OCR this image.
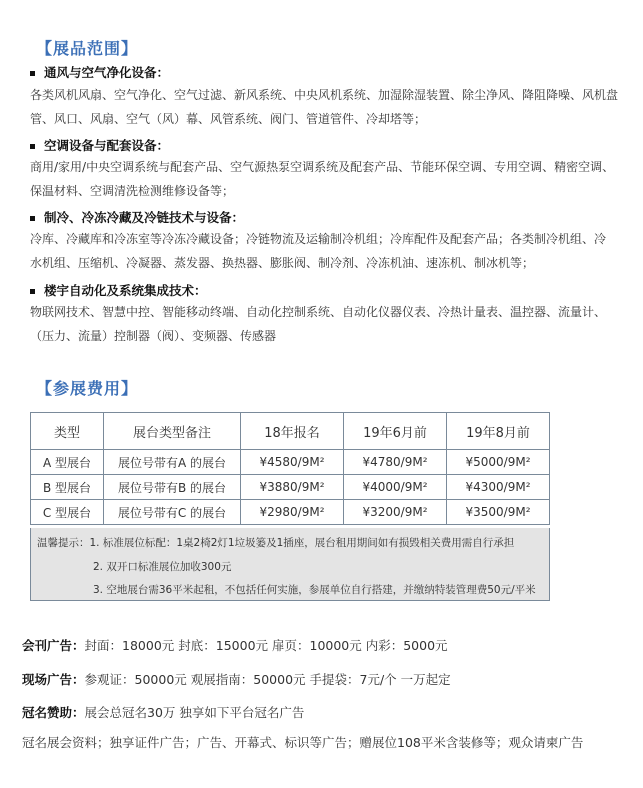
【展品范围】
通风与空气净化设备：
各类风机风扇、空气净化、空气过滤、新风系统、中央风机系统、加湿除湿装置、除尘净风、降阻降噪、风机盘
管、风口、风扇、空气（风）幕、风管系统、阀门、管道管件、冷却塔等；
空调设备与配套设备：
商用/家用/中央空调系统与配套产品、空气源热泵空调系统及配套产品、节能环保空调、专用空调、精密空调、
保温材料、空调清洗检测维修设备等；
制冷、冷冻冷藏及冷链技术与设备：
冷库、冷藏库和冷冻室等冷冻冷藏设备；冷链物流及运输制冷机组；冷库配件及配套产品；各类制冷机组、冷
水机组、压缩机、冷凝器、蒸发器、换热器、膨胀阀、制冷剂、冷冻机油、速冻机、制冰机等；
楼宇自动化及系统集成技术：
物联网技术、智慧中控、智能移动终端、自动化控制系统、自动化仪器仪表、冷热计量表、温控器、流量计、
（压力、流量）控制器（阀）、变频器、传感器
【参展费用】
类型	展台类型备注	18年报名	19年6月前	19年8月前
A 型展台	展位号带有A 的展台	¥4580/9M²	¥4780/9M²	¥5000/9M²
B 型展台	展位号带有B 的展台	¥3880/9M²	¥4000/9M²	¥4300/9M²
C 型展台	展位号带有C 的展台	¥2980/9M²	¥3200/9M²	¥3500/9M²
温馨提示：1. 标准展位标配：1桌2椅2灯1垃圾篓及1插座，展台租用期间如有损毁相关费用需自行承担
2. 双开口标准展位加收300元
3. 空地展台需36平米起租，不包括任何实施，参展单位自行搭建，并缴纳特装管理费50元/平米
会刊广告：封面：18000元 封底：15000元 扉页：10000元 内彩：5000元
现场广告：参观证：50000元 观展指南：50000元 手提袋：7元/个 一万起定
冠名赞助：展会总冠名30万 独享如下平台冠名广告
冠名展会资料；独享证件广告；广告、开幕式、标识等广告；赠展位108平米含装修等；观众请柬广告
